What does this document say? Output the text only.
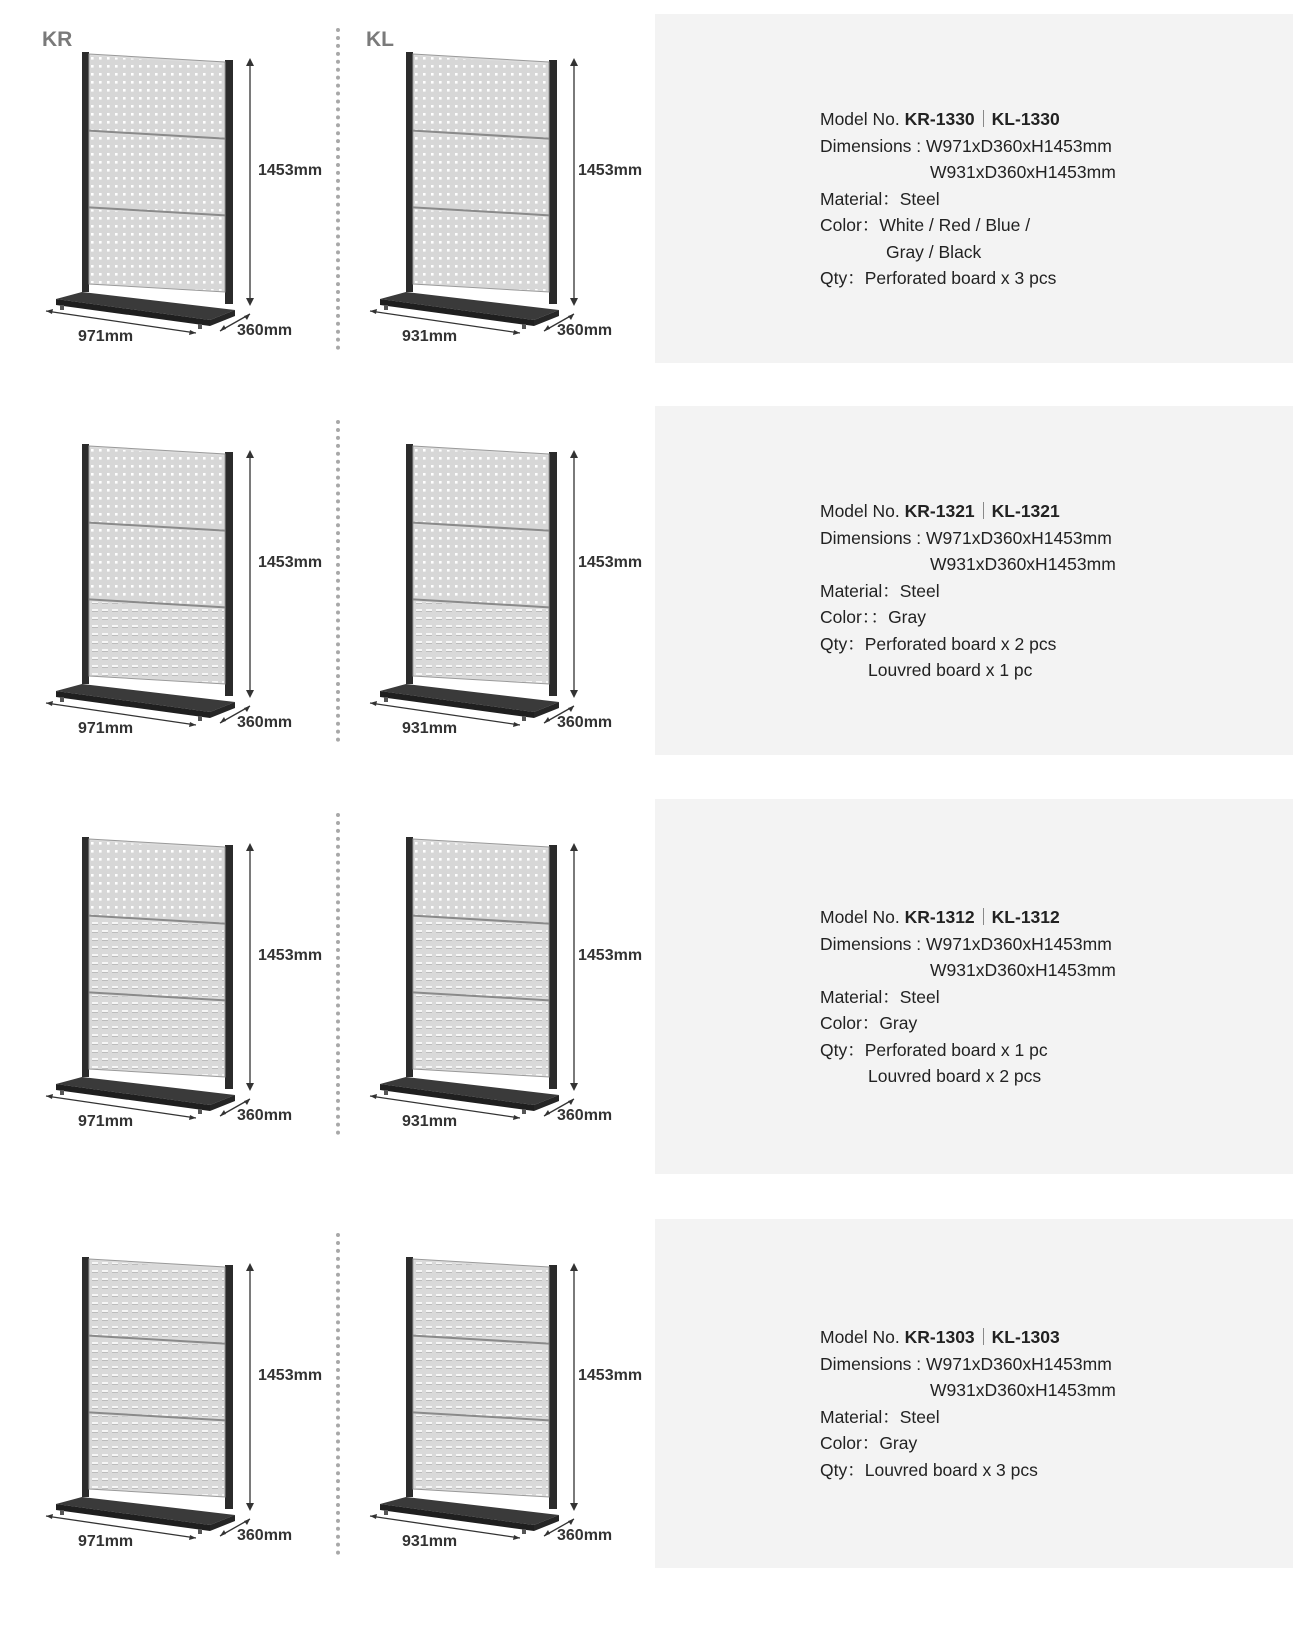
KR	KL
1453mm
971mm	360mm
1453mm
931mm	360mm
Model No. KR-1330 KL-1330
Dimensions : W971xD360xH1453mm
W931xD360xH1453mm
Material：Steel
Color：White / Red / Blue /
Gray / Black
Qty：Perforated board x 3 pcs
1453mm
971mm	360mm
1453mm
931mm	360mm
Model No. KR-1321 KL-1321
Dimensions : W971xD360xH1453mm
W931xD360xH1453mm
Material：Steel
Color：：Gray
Qty：Perforated board x 2 pcs
Louvred board x 1 pc
1453mm
971mm	360mm
1453mm
931mm	360mm
Model No. KR-1312 KL-1312
Dimensions : W971xD360xH1453mm
W931xD360xH1453mm
Material：Steel
Color：Gray
Qty：Perforated board x 1 pc
Louvred board x 2 pcs
1453mm
971mm	360mm
1453mm
931mm	360mm
Model No. KR-1303 KL-1303
Dimensions : W971xD360xH1453mm
W931xD360xH1453mm
Material：Steel
Color：Gray
Qty：Louvred board x 3 pcs
